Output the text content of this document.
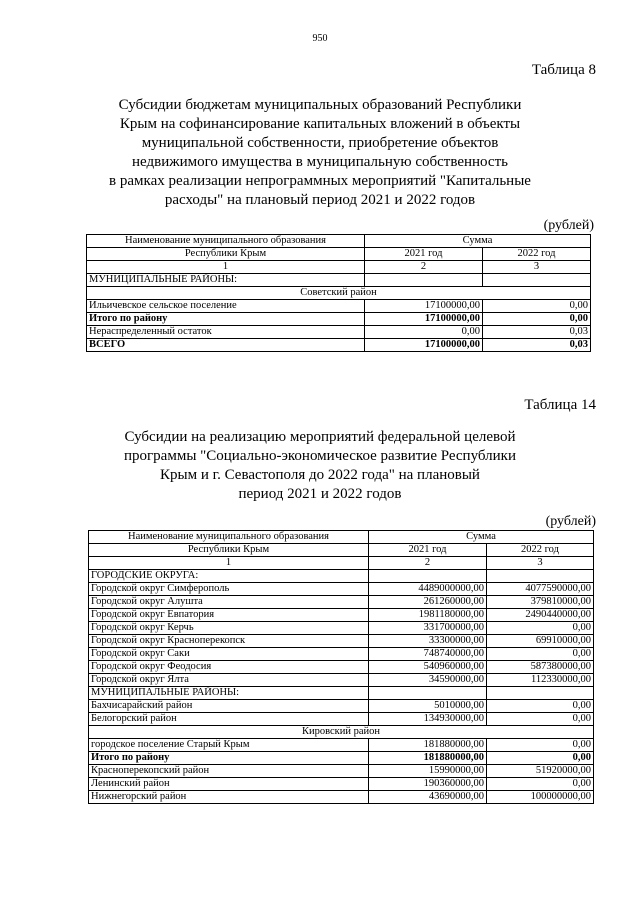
950
Таблица 8
Субсидии бюджетам муниципальных образований Республики
Крым на софинансирование капитальных вложений в объекты
муниципальной собственности, приобретение объектов
недвижимого имущества в муниципальную собственность
в рамках реализации непрограммных мероприятий "Капитальные
расходы" на плановый период 2021 и 2022 годов
(рублей)
Наименование муниципального образования	Сумма	
Республики Крым	2021 год	2022 год
1	2	3
МУНИЦИПАЛЬНЫЕ РАЙОНЫ:		
Советский район		
Ильичевское сельское поселение	17100000,00	0,00
Итого по району	17100000,00	0,00
Нераспределенный остаток	0,00	0,03
ВСЕГО	17100000,00	0,03
Таблица 14
Субсидии на реализацию мероприятий федеральной целевой
программы "Социально-экономическое развитие Республики
Крым и г. Севастополя до 2022 года" на плановый
период 2021 и 2022 годов
(рублей)
Наименование муниципального образования	Сумма	
Республики Крым	2021 год	2022 год
1	2	3
ГОРОДСКИЕ ОКРУГА:		
Городской округ Симферополь	4489000000,00	4077590000,00
Городской округ Алушта	261260000,00	379810000,00
Городской округ Евпатория	1981180000,00	2490440000,00
Городской округ Керчь	331700000,00	0,00
Городской округ Красноперекопск	33300000,00	69910000,00
Городской округ Саки	748740000,00	0,00
Городской округ Феодосия	540960000,00	587380000,00
Городской округ Ялта	34590000,00	112330000,00
МУНИЦИПАЛЬНЫЕ РАЙОНЫ:		
Бахчисарайский район	5010000,00	0,00
Белогорский район	134930000,00	0,00
Кировский район		
городское поселение Старый Крым	181880000,00	0,00
Итого по району	181880000,00	0,00
Красноперекопский район	15990000,00	51920000,00
Ленинский район	190360000,00	0,00
Нижнегорский район	43690000,00	100000000,00
